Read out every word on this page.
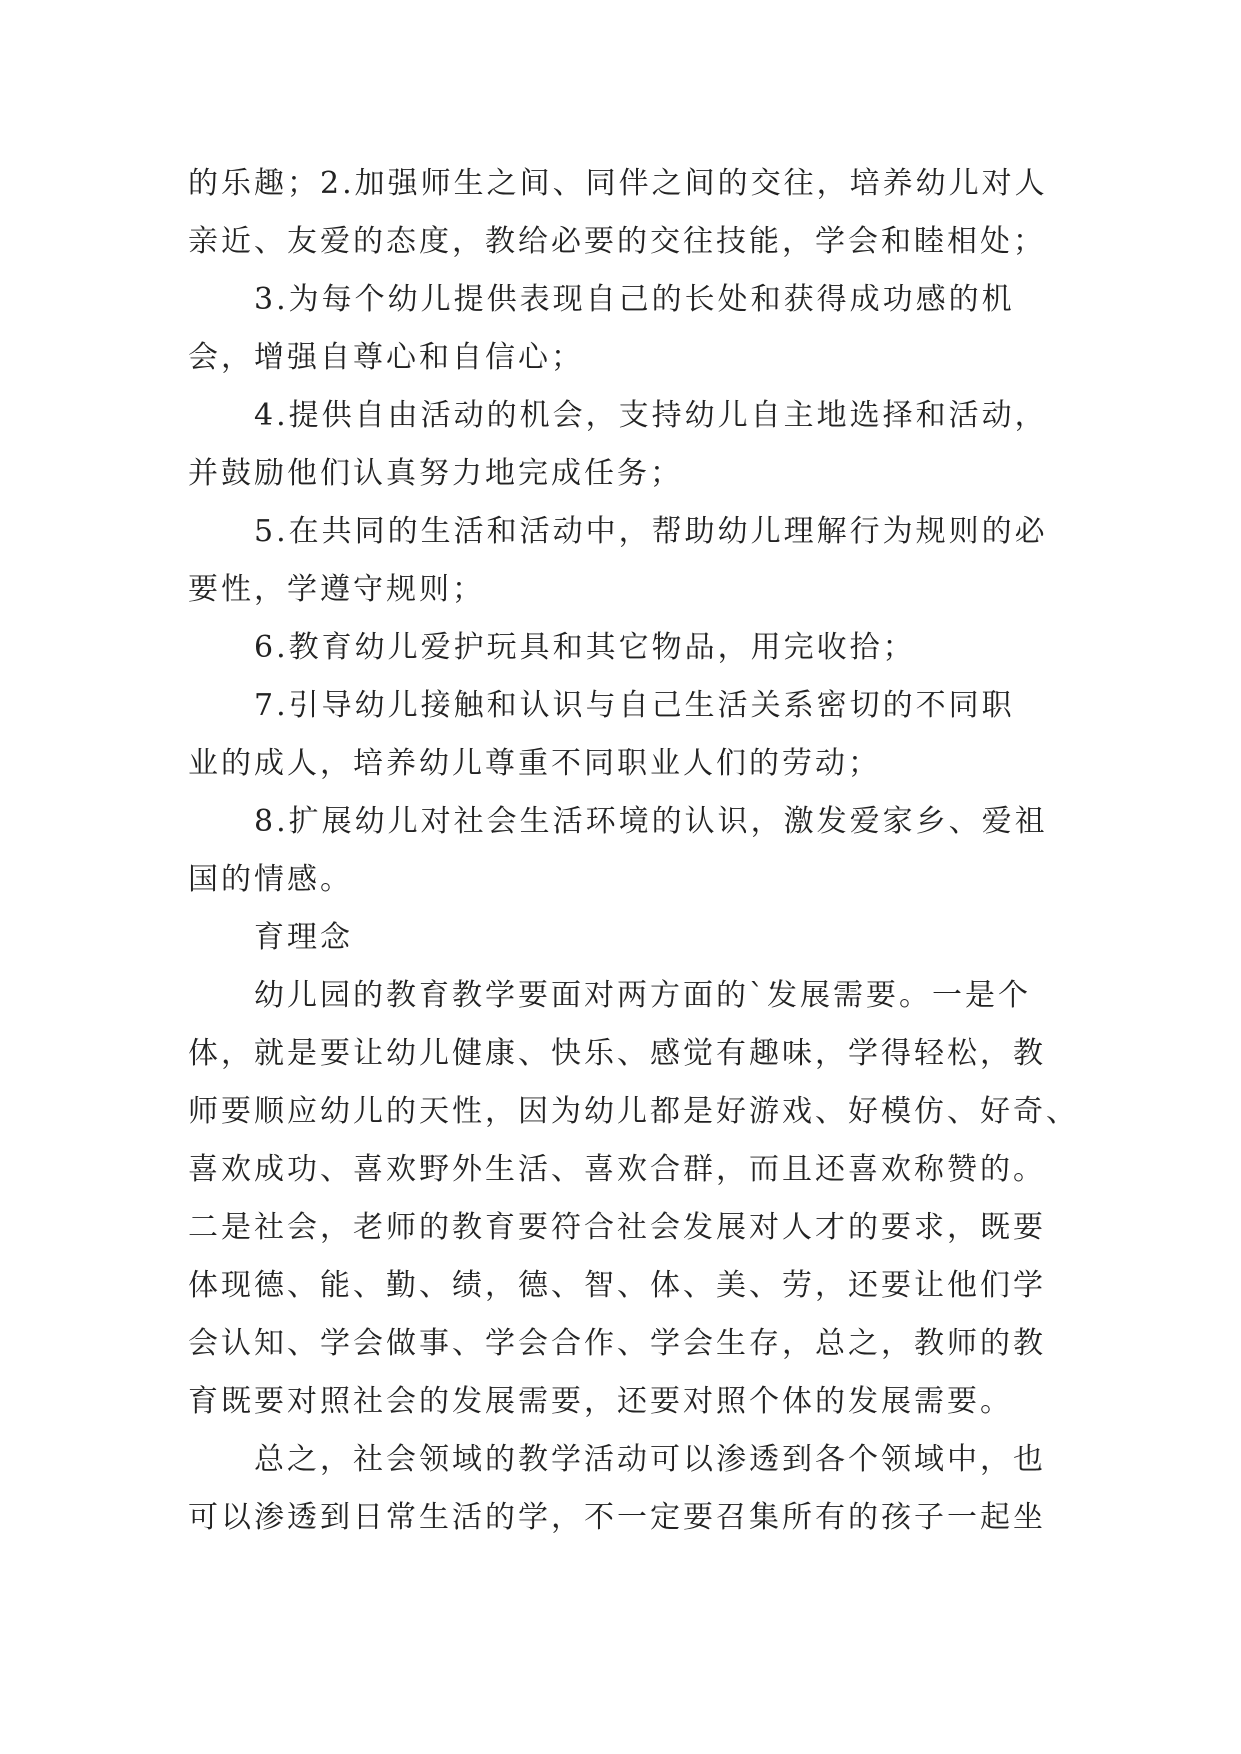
的乐趣；2.加强师生之间、同伴之间的交往，培养幼儿对人
亲近、友爱的态度，教给必要的交往技能，学会和睦相处；
3.为每个幼儿提供表现自己的长处和获得成功感的机
会，增强自尊心和自信心；
4.提供自由活动的机会，支持幼儿自主地选择和活动，
并鼓励他们认真努力地完成任务；
5.在共同的生活和活动中，帮助幼儿理解行为规则的必
要性，学遵守规则；
6.教育幼儿爱护玩具和其它物品，用完收拾；
7.引导幼儿接触和认识与自己生活关系密切的不同职
业的成人，培养幼儿尊重不同职业人们的劳动；
8.扩展幼儿对社会生活环境的认识，激发爱家乡、爱祖
国的情感。
育理念
幼儿园的教育教学要面对两方面的`发展需要。一是个
体，就是要让幼儿健康、快乐、感觉有趣味，学得轻松，教
师要顺应幼儿的天性，因为幼儿都是好游戏、好模仿、好奇、
喜欢成功、喜欢野外生活、喜欢合群，而且还喜欢称赞的。
二是社会，老师的教育要符合社会发展对人才的要求，既要
体现德、能、勤、绩，德、智、体、美、劳，还要让他们学
会认知、学会做事、学会合作、学会生存，总之，教师的教
育既要对照社会的发展需要，还要对照个体的发展需要。
总之，社会领域的教学活动可以渗透到各个领域中，也
可以渗透到日常生活的学，不一定要召集所有的孩子一起坐
